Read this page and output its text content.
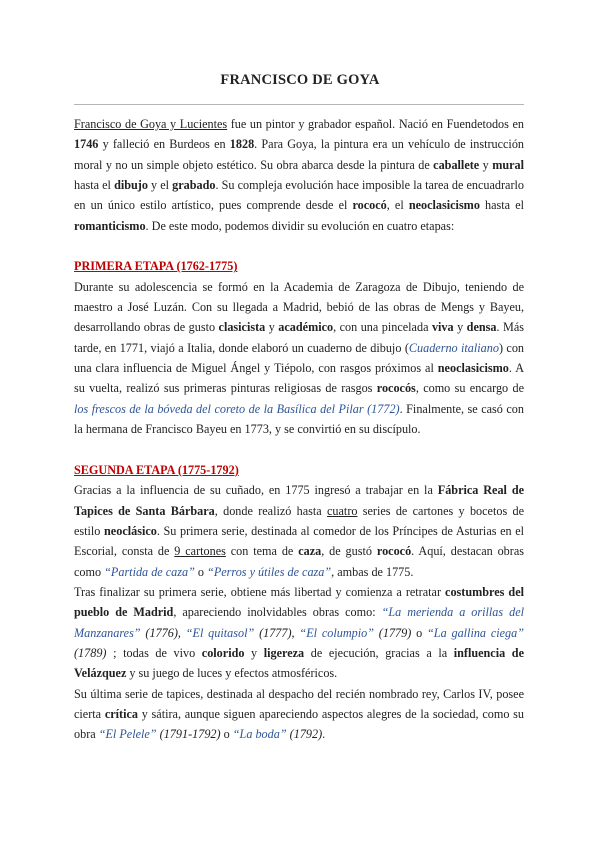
FRANCISCO DE GOYA

Francisco de Goya y Lucientes fue un pintor y grabador español. Nació en Fuendetodos en 1746 y falleció en Burdeos en 1828. Para Goya, la pintura era un vehículo de instrucción moral y no un simple objeto estético. Su obra abarca desde la pintura de caballete y mural hasta el dibujo y el grabado. Su compleja evolución hace imposible la tarea de encuadrarlo en un único estilo artístico, pues comprende desde el rococó, el neoclasicismo hasta el romanticismo. De este modo, podemos dividir su evolución en cuatro etapas:

PRIMERA ETAPA (1762-1775)

Durante su adolescencia se formó en la Academia de Zaragoza de Dibujo, teniendo de maestro a José Luzán. Con su llegada a Madrid, bebió de las obras de Mengs y Bayeu, desarrollando obras de gusto clasicista y académico, con una pincelada viva y densa. Más tarde, en 1771, viajó a Italia, donde elaboró un cuaderno de dibujo (Cuaderno italiano) con una clara influencia de Miguel Ángel y Tiépolo, con rasgos próximos al neoclasicismo. A su vuelta, realizó sus primeras pinturas religiosas de rasgos rococós, como su encargo de los frescos de la bóveda del coreto de la Basílica del Pilar (1772). Finalmente, se casó con la hermana de Francisco Bayeu en 1773, y se convirtió en su discípulo.

SEGUNDA ETAPA (1775-1792)

Gracias a la influencia de su cuñado, en 1775 ingresó a trabajar en la Fábrica Real de Tapices de Santa Bárbara, donde realizó hasta cuatro series de cartones y bocetos de estilo neoclásico. Su primera serie, destinada al comedor de los Príncipes de Asturias en el Escorial, consta de 9 cartones con tema de caza, de gustó rococó. Aquí, destacan obras como “Partida de caza” o “Perros y útiles de caza”, ambas de 1775.

Tras finalizar su primera serie, obtiene más libertad y comienza a retratar costumbres del pueblo de Madrid, apareciendo inolvidables obras como: “La merienda a orillas del Manzanares” (1776), “El quitasol” (1777), “El columpio” (1779) o “La gallina ciega” (1789) ; todas de vivo colorido y ligereza de ejecución, gracias a la influencia de Velázquez y su juego de luces y efectos atmosféricos.

Su última serie de tapices, destinada al despacho del recién nombrado rey, Carlos IV, posee cierta crítica y sátira, aunque siguen apareciendo aspectos alegres de la sociedad, como su obra “El Pelele” (1791-1792) o “La boda” (1792).
